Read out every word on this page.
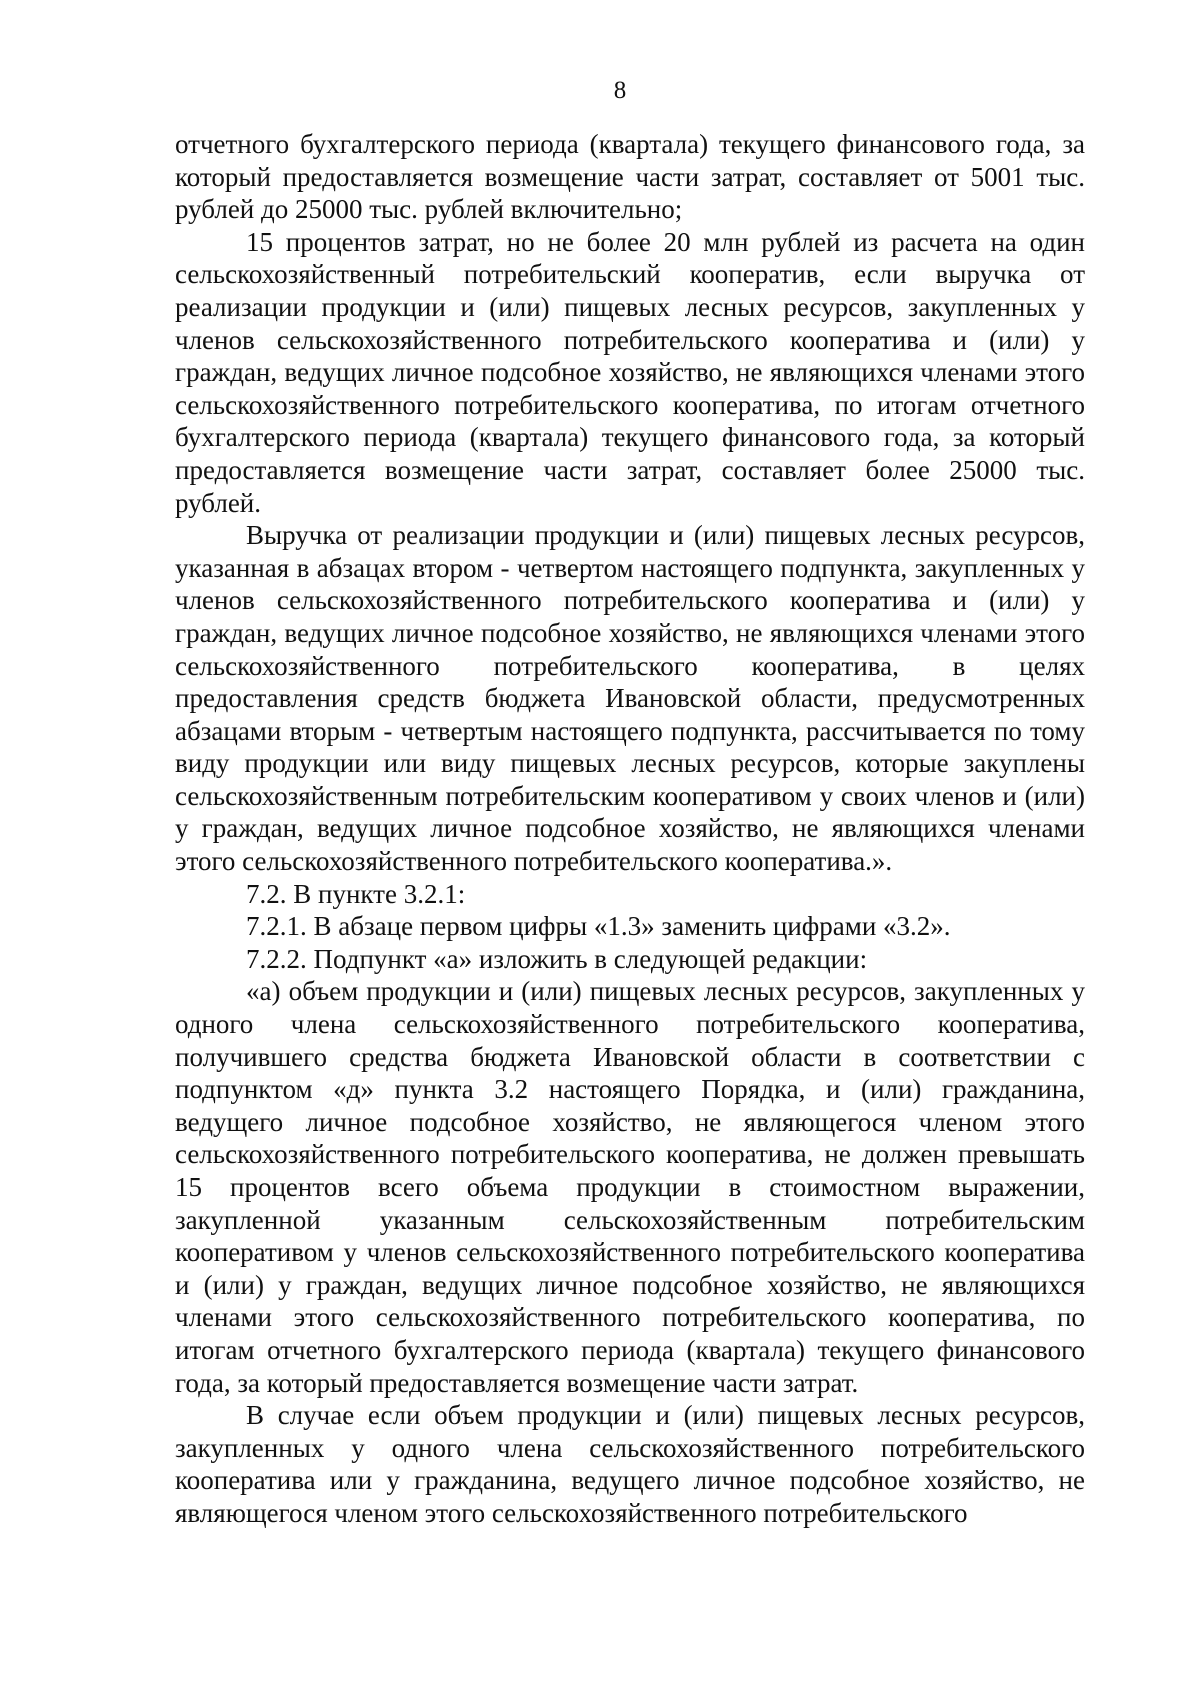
8

отчетного бухгалтерского периода (квартала) текущего финансового года, за который предоставляется возмещение части затрат, составляет от 5001 тыс. рублей до 25000 тыс. рублей включительно;

15 процентов затрат, но не более 20 млн рублей из расчета на один сельскохозяйственный потребительский кооператив, если выручка от реализации продукции и (или) пищевых лесных ресурсов, закупленных у членов сельскохозяйственного потребительского кооператива и (или) у граждан, ведущих личное подсобное хозяйство, не являющихся членами этого сельскохозяйственного потребительского кооператива, по итогам отчетного бухгалтерского периода (квартала) текущего финансового года, за который предоставляется возмещение части затрат, составляет более 25000 тыс. рублей.

Выручка от реализации продукции и (или) пищевых лесных ресурсов, указанная в абзацах втором - четвертом настоящего подпункта, закупленных у членов сельскохозяйственного потребительского кооператива и (или) у граждан, ведущих личное подсобное хозяйство, не являющихся членами этого сельскохозяйственного потребительского кооператива, в целях предоставления средств бюджета Ивановской области, предусмотренных абзацами вторым - четвертым настоящего подпункта, рассчитывается по тому виду продукции или виду пищевых лесных ресурсов, которые закуплены сельскохозяйственным потребительским кооперативом у своих членов и (или) у граждан, ведущих личное подсобное хозяйство, не являющихся членами этого сельскохозяйственного потребительского кооператива.».

7.2. В пункте 3.2.1:

7.2.1. В абзаце первом цифры «1.3» заменить цифрами «3.2».

7.2.2. Подпункт «а» изложить в следующей редакции:

«а) объем продукции и (или) пищевых лесных ресурсов, закупленных у одного члена сельскохозяйственного потребительского кооператива, получившего средства бюджета Ивановской области в соответствии с подпунктом «д» пункта 3.2 настоящего Порядка, и (или) гражданина, ведущего личное подсобное хозяйство, не являющегося членом этого сельскохозяйственного потребительского кооператива, не должен превышать 15 процентов всего объема продукции в стоимостном выражении, закупленной указанным сельскохозяйственным потребительским кооперативом у членов сельскохозяйственного потребительского кооператива и (или) у граждан, ведущих личное подсобное хозяйство, не являющихся членами этого сельскохозяйственного потребительского кооператива, по итогам отчетного бухгалтерского периода (квартала) текущего финансового года, за который предоставляется возмещение части затрат.

В случае если объем продукции и (или) пищевых лесных ресурсов, закупленных у одного члена сельскохозяйственного потребительского кооператива или у гражданина, ведущего личное подсобное хозяйство, не являющегося членом этого сельскохозяйственного потребительского
